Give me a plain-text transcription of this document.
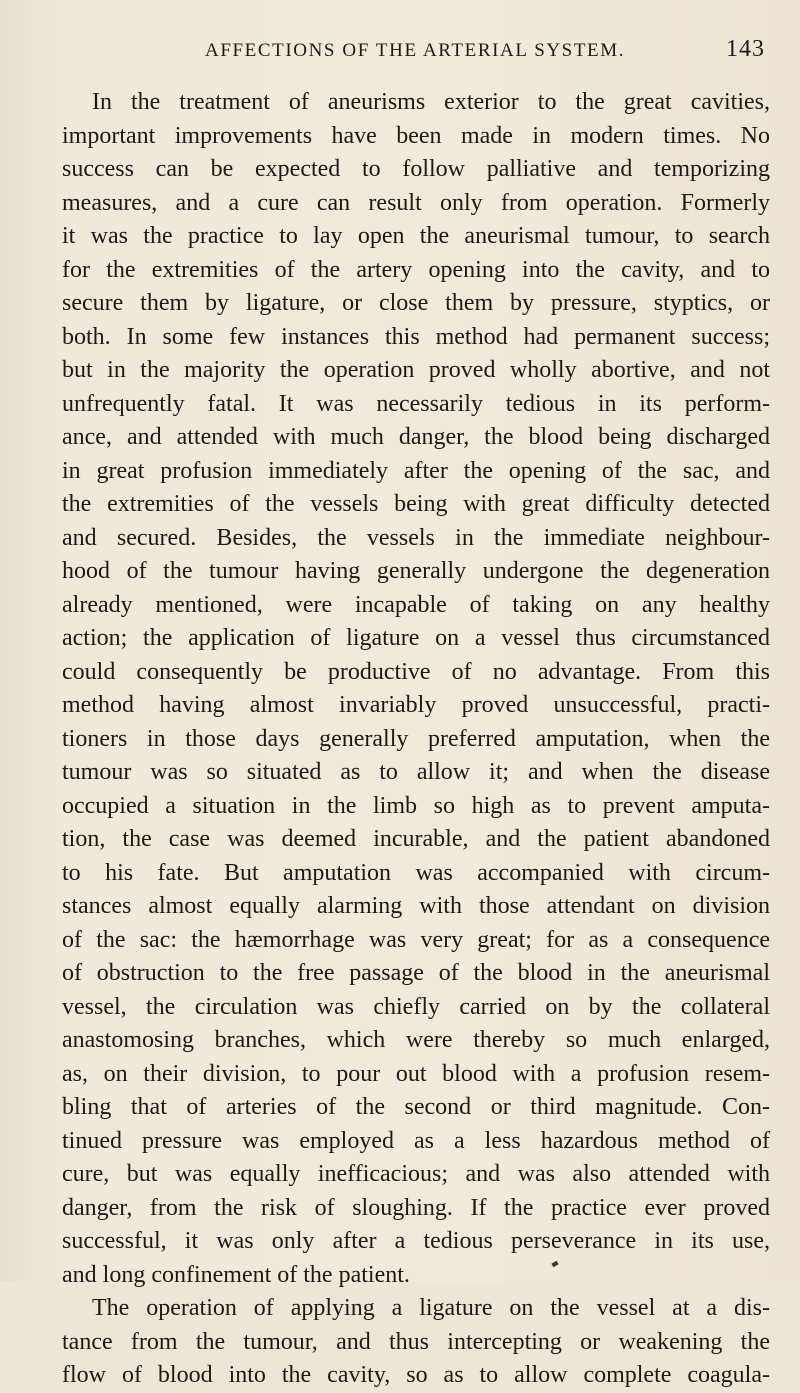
AFFECTIONS OF THE ARTERIAL SYSTEM.	143
In the treatment of aneurisms exterior to the great cavities,
important improvements have been made in modern times. No
success can be expected to follow palliative and temporizing
measures, and a cure can result only from operation. Formerly
it was the practice to lay open the aneurismal tumour, to search
for the extremities of the artery opening into the cavity, and to
secure them by ligature, or close them by pressure, styptics, or
both. In some few instances this method had permanent success;
but in the majority the operation proved wholly abortive, and not
unfrequently fatal. It was necessarily tedious in its perform-
ance, and attended with much danger, the blood being discharged
in great profusion immediately after the opening of the sac, and
the extremities of the vessels being with great difficulty detected
and secured. Besides, the vessels in the immediate neighbour-
hood of the tumour having generally undergone the degeneration
already mentioned, were incapable of taking on any healthy
action; the application of ligature on a vessel thus circumstanced
could consequently be productive of no advantage. From this
method having almost invariably proved unsuccessful, practi-
tioners in those days generally preferred amputation, when the
tumour was so situated as to allow it; and when the disease
occupied a situation in the limb so high as to prevent amputa-
tion, the case was deemed incurable, and the patient abandoned
to his fate. But amputation was accompanied with circum-
stances almost equally alarming with those attendant on division
of the sac: the hæmorrhage was very great; for as a consequence
of obstruction to the free passage of the blood in the aneurismal
vessel, the circulation was chiefly carried on by the collateral
anastomosing branches, which were thereby so much enlarged,
as, on their division, to pour out blood with a profusion resem-
bling that of arteries of the second or third magnitude. Con-
tinued pressure was employed as a less hazardous method of
cure, but was equally inefficacious; and was also attended with
danger, from the risk of sloughing. If the practice ever proved
successful, it was only after a tedious perseverance in its use,
and long confinement of the patient.
The operation of applying a ligature on the vessel at a dis-
tance from the tumour, and thus intercepting or weakening the
flow of blood into the cavity, so as to allow complete coagula-
